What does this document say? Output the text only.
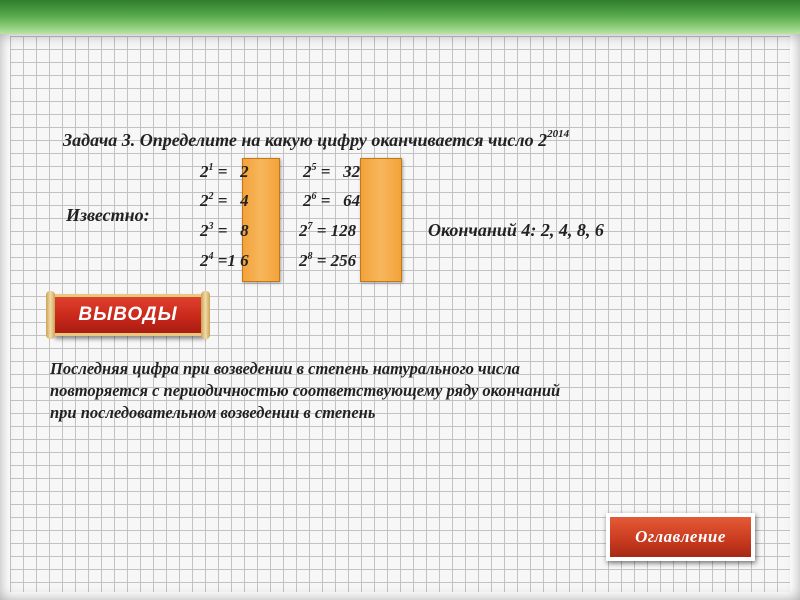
Задача 3. Определите на какую цифру оканчивается число $2^{2014}$
Известно:
$2^1 = 2$
$2^2 = 4$
$2^3 = 8$
$2^4 =1$ 6
$2^5 = 32$
$2^6 = 64$
$2^7 = 128$
$2^8 = 256$
Окончаний 4: 2, 4, 8, 6
ВЫВОДЫ
Последняя цифра при возведении в степень натурального числа
повторяется с периодичностью соответствующему ряду окончаний
при последовательном возведении в степень
Оглавление
